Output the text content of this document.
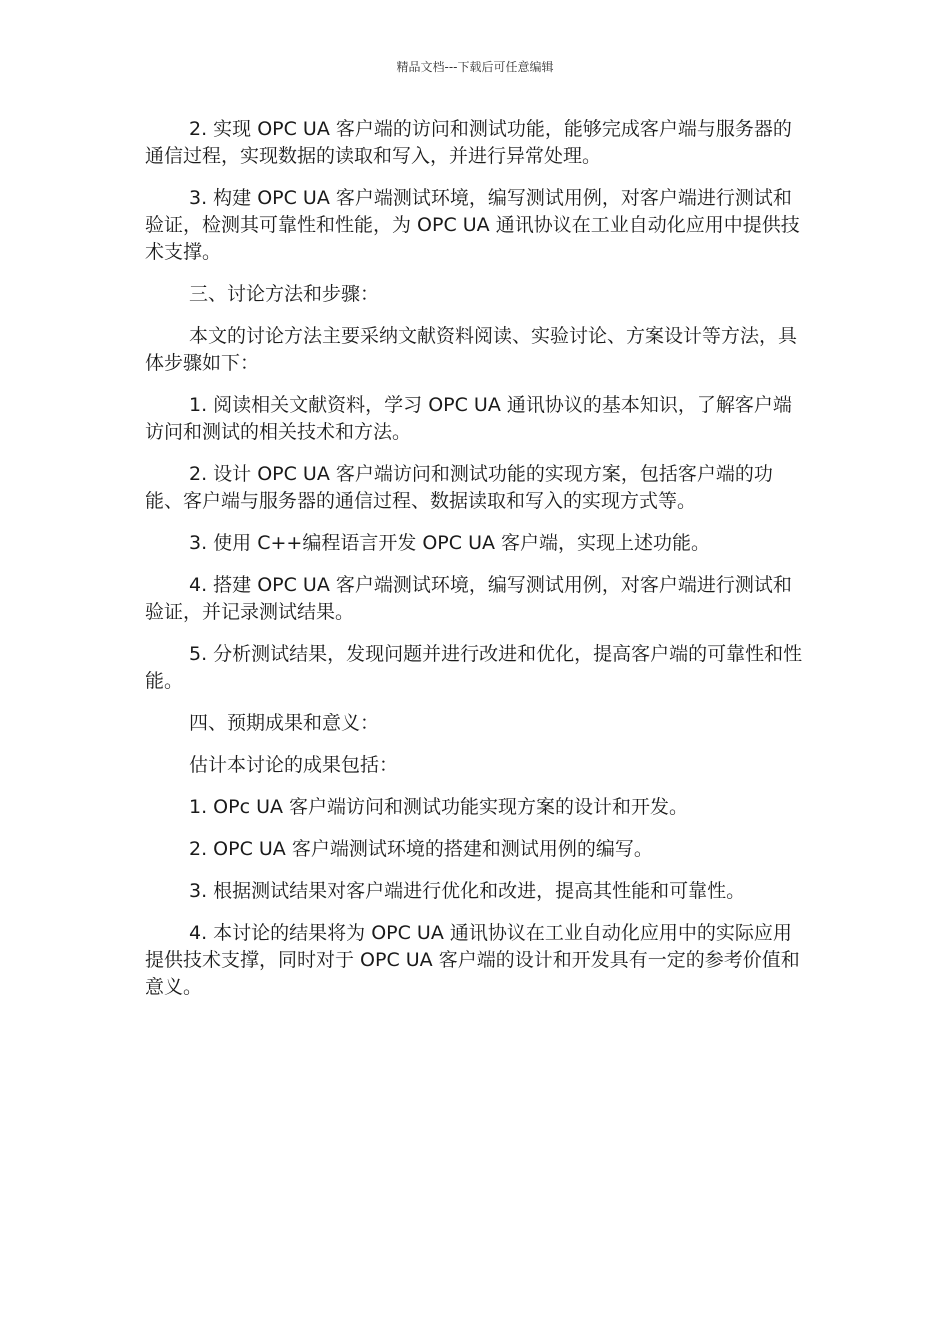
精品文档---下载后可任意编辑

2. 实现 OPC UA 客户端的访问和测试功能，能够完成客户端与服务器的通信过程，实现数据的读取和写入，并进行异常处理。

3. 构建 OPC UA 客户端测试环境，编写测试用例，对客户端进行测试和验证，检测其可靠性和性能，为 OPC UA 通讯协议在工业自动化应用中提供技术支撑。

三、讨论方法和步骤：

本文的讨论方法主要采纳文献资料阅读、实验讨论、方案设计等方法，具体步骤如下：

1. 阅读相关文献资料，学习 OPC UA 通讯协议的基本知识，了解客户端访问和测试的相关技术和方法。

2. 设计 OPC UA 客户端访问和测试功能的实现方案，包括客户端的功能、客户端与服务器的通信过程、数据读取和写入的实现方式等。

3. 使用 C++编程语言开发 OPC UA 客户端，实现上述功能。

4. 搭建 OPC UA 客户端测试环境，编写测试用例，对客户端进行测试和验证，并记录测试结果。

5. 分析测试结果，发现问题并进行改进和优化，提高客户端的可靠性和性能。

四、预期成果和意义：

估计本讨论的成果包括：

1. OPc UA 客户端访问和测试功能实现方案的设计和开发。

2. OPC UA 客户端测试环境的搭建和测试用例的编写。

3. 根据测试结果对客户端进行优化和改进，提高其性能和可靠性。

4. 本讨论的结果将为 OPC UA 通讯协议在工业自动化应用中的实际应用提供技术支撑，同时对于 OPC UA 客户端的设计和开发具有一定的参考价值和意义。
